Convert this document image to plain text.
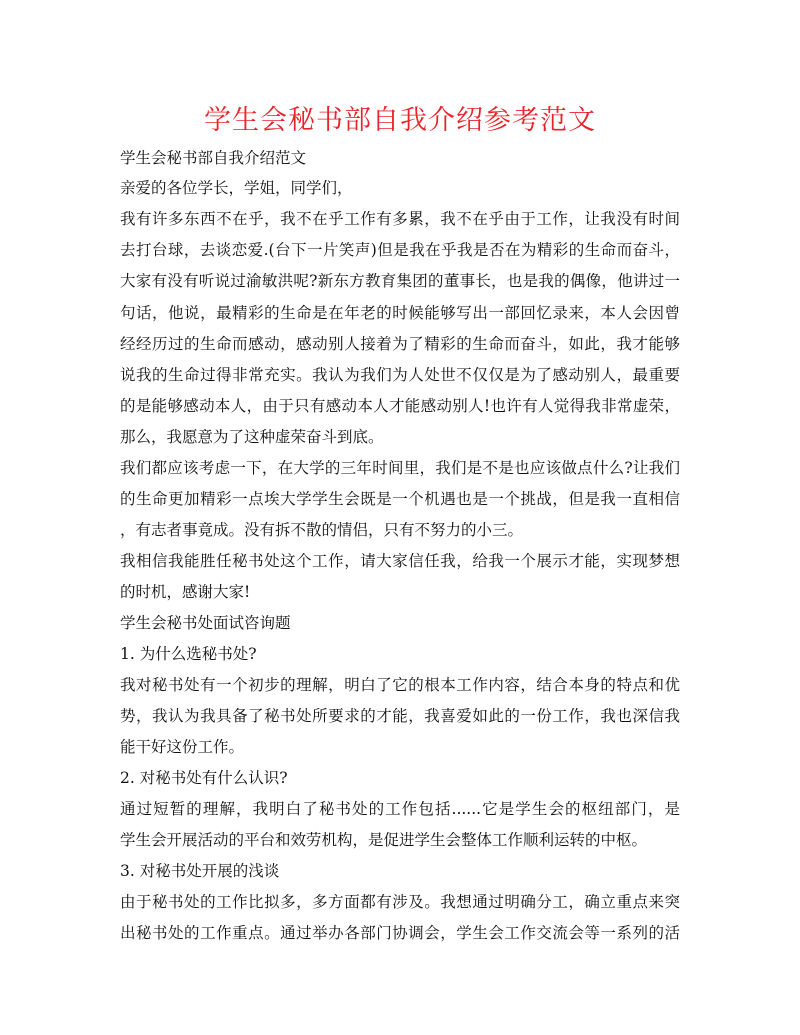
学生会秘书部自我介绍参考范文

学生会秘书部自我介绍范文

亲爱的各位学长，学姐，同学们，

我有许多东西不在乎，我不在乎工作有多累，我不在乎由于工作，让我没有时间

去打台球，去谈恋爱.(台下一片笑声)但是我在乎我是否在为精彩的生命而奋斗，

大家有没有听说过渝敏洪呢?新东方教育集团的董事长，也是我的偶像，他讲过一

句话，他说，最精彩的生命是在年老的时候能够写出一部回忆录来，本人会因曾

经经历过的生命而感动，感动别人接着为了精彩的生命而奋斗，如此，我才能够

说我的生命过得非常充实。我认为我们为人处世不仅仅是为了感动别人，最重要

的是能够感动本人，由于只有感动本人才能感动别人!也许有人觉得我非常虚荣，

那么，我愿意为了这种虚荣奋斗到底。

我们都应该考虑一下，在大学的三年时间里，我们是不是也应该做点什么?让我们

的生命更加精彩一点埃大学学生会既是一个机遇也是一个挑战，但是我一直相信

，有志者事竟成。没有拆不散的情侣，只有不努力的小三。

我相信我能胜任秘书处这个工作，请大家信任我，给我一个展示才能，实现梦想

的时机，感谢大家!

学生会秘书处面试咨询题

1. 为什么选秘书处?

我对秘书处有一个初步的理解，明白了它的根本工作内容，结合本身的特点和优

势，我认为我具备了秘书处所要求的才能，我喜爱如此的一份工作，我也深信我

能干好这份工作。

2. 对秘书处有什么认识?

通过短暂的理解，我明白了秘书处的工作包括......它是学生会的枢纽部门，是

学生会开展活动的平台和效劳机构，是促进学生会整体工作顺利运转的中枢。

3. 对秘书处开展的浅谈

由于秘书处的工作比拟多，多方面都有涉及。我想通过明确分工，确立重点来突

出秘书处的工作重点。通过举办各部门协调会，学生会工作交流会等一系列的活
